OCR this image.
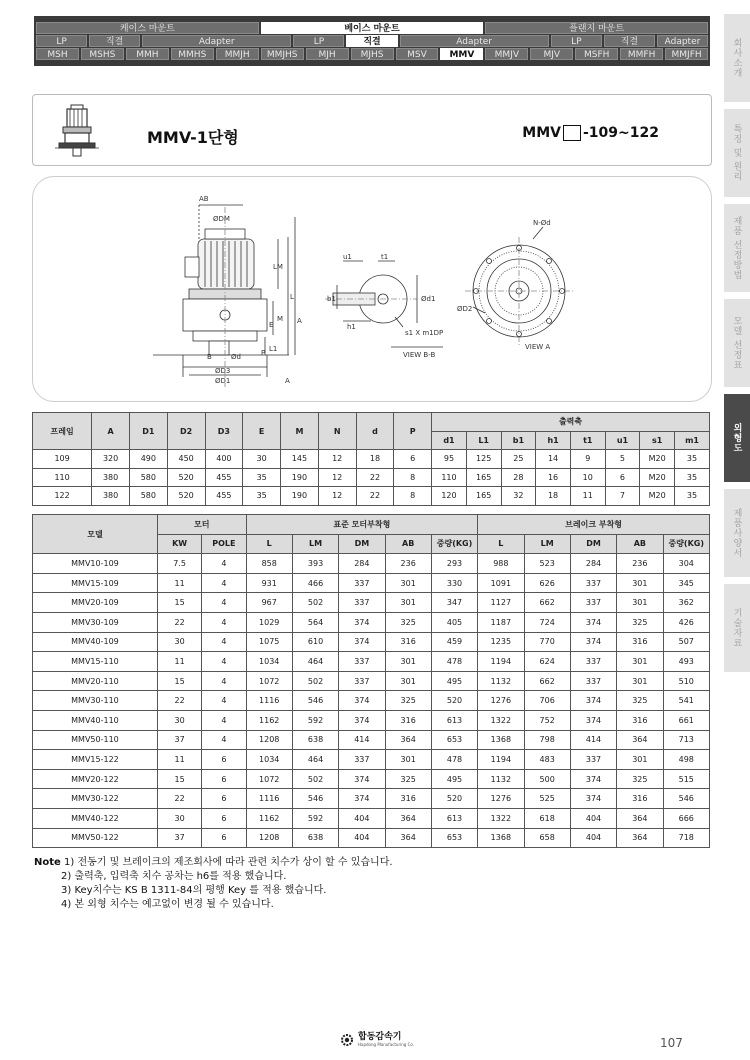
케이스 마운트	베이스 마운트	플랜지 마운트
LP	직결	Adapter	LP	직결	Adapter	LP	직결	Adapter
MSH	MSHS	MMH	MMHS	MMJH	MMJHS	MJH	MJHS	MSV	MMV	MMJV	MJV	MSFH	MMFH	MMJFH	회사소개
특징 및 원리
제품 선정방법
모델 선정표
외형도
제품사양서
기술자료
MMV-1단형	MMV -109~122
AB
ØDM
LM
L
A
E
M
L1
P
B	Ød
ØD3
ØD1	A
u1	t1
b1	Ød1
h1
s1 X m1DP
VIEW B-B
N-Ød
ØD2
VIEW A
프레임	A	D1	D2	D3	E	M	N	d	P	출력축							
										d1	L1	b1	h1	t1	u1	s1	m1
109	320	490	450	400	30	145	12	18	6	95	125	25	14	9	5	M20	35
110	380	580	520	455	35	190	12	22	8	110	165	28	16	10	6	M20	35
122	380	580	520	455	35	190	12	22	8	120	165	32	18	11	7	M20	35
모델	모터		표준 모터부착형					브레이크 부착형				
	KW	POLE	L	LM	DM	AB	중량(KG)	L	LM	DM	AB	중량(KG)
MMV10-109	7.5	4	858	393	284	236	293	988	523	284	236	304
MMV15-109	11	4	931	466	337	301	330	1091	626	337	301	345
MMV20-109	15	4	967	502	337	301	347	1127	662	337	301	362
MMV30-109	22	4	1029	564	374	325	405	1187	724	374	325	426
MMV40-109	30	4	1075	610	374	316	459	1235	770	374	316	507
MMV15-110	11	4	1034	464	337	301	478	1194	624	337	301	493
MMV20-110	15	4	1072	502	337	301	495	1132	662	337	301	510
MMV30-110	22	4	1116	546	374	325	520	1276	706	374	325	541
MMV40-110	30	4	1162	592	374	316	613	1322	752	374	316	661
MMV50-110	37	4	1208	638	414	364	653	1368	798	414	364	713
MMV15-122	11	6	1034	464	337	301	478	1194	483	337	301	498
MMV20-122	15	6	1072	502	374	325	495	1132	500	374	325	515
MMV30-122	22	6	1116	546	374	316	520	1276	525	374	316	546
MMV40-122	30	6	1162	592	404	364	613	1322	618	404	364	666
MMV50-122	37	6	1208	638	404	364	653	1368	658	404	364	718
Note 1) 전동기 및 브레이크의 제조회사에 따라 관련 치수가 상이 할 수 있습니다.
2) 출력축, 입력축 치수 공차는 h6를 적용 했습니다.
3) Key치수는 KS B 1311-84의 평행 Key 를 적용 했습니다.
4) 본 외형 치수는 예고없이 변경 될 수 있습니다.
합동감속기
Hapdong Manufacturing Co.	107
